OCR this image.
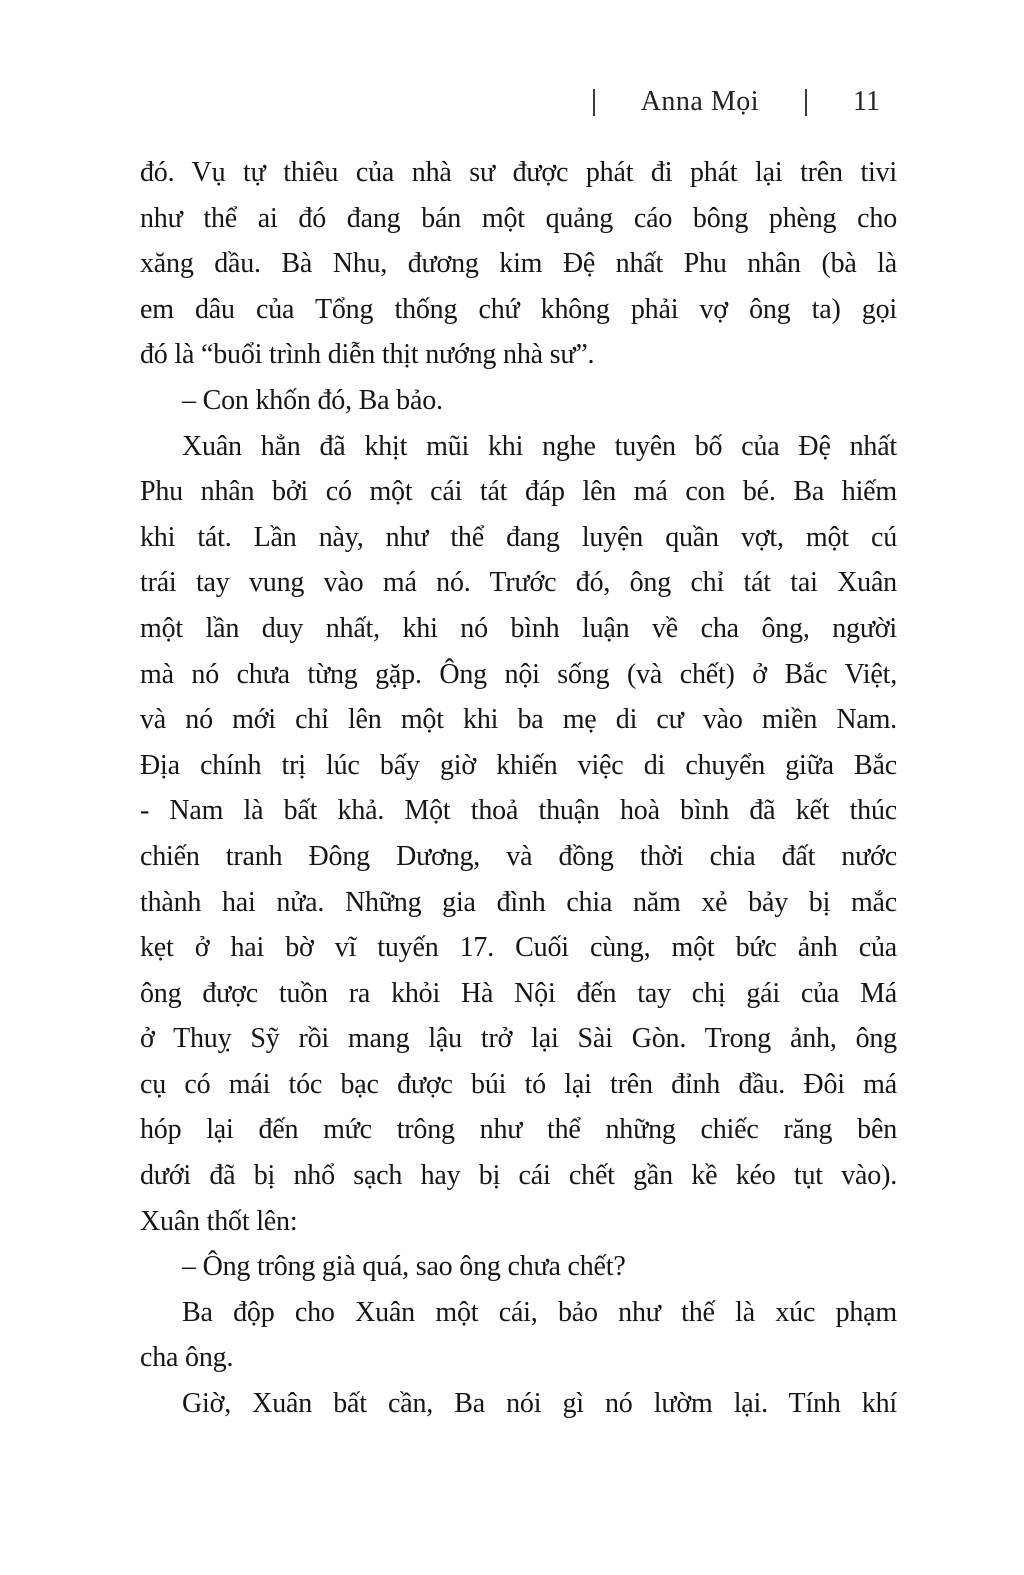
Anna Mọi	11
đó. Vụ tự thiêu của nhà sư được phát đi phát lại trên tivi
như thể ai đó đang bán một quảng cáo bông phèng cho
xăng dầu. Bà Nhu, đương kim Đệ nhất Phu nhân (bà là
em dâu của Tổng thống chứ không phải vợ ông ta) gọi
đó là “buổi trình diễn thịt nướng nhà sư”.
– Con khốn đó, Ba bảo.
Xuân hẳn đã khịt mũi khi nghe tuyên bố của Đệ nhất
Phu nhân bởi có một cái tát đáp lên má con bé. Ba hiếm
khi tát. Lần này, như thể đang luyện quần vợt, một cú
trái tay vung vào má nó. Trước đó, ông chỉ tát tai Xuân
một lần duy nhất, khi nó bình luận về cha ông, người
mà nó chưa từng gặp. Ông nội sống (và chết) ở Bắc Việt,
và nó mới chỉ lên một khi ba mẹ di cư vào miền Nam.
Địa chính trị lúc bấy giờ khiến việc di chuyển giữa Bắc
- Nam là bất khả. Một thoả thuận hoà bình đã kết thúc
chiến tranh Đông Dương, và đồng thời chia đất nước
thành hai nửa. Những gia đình chia năm xẻ bảy bị mắc
kẹt ở hai bờ vĩ tuyến 17. Cuối cùng, một bức ảnh của
ông được tuồn ra khỏi Hà Nội đến tay chị gái của Má
ở Thuỵ Sỹ rồi mang lậu trở lại Sài Gòn. Trong ảnh, ông
cụ có mái tóc bạc được búi tó lại trên đỉnh đầu. Đôi má
hóp lại đến mức trông như thể những chiếc răng bên
dưới đã bị nhổ sạch hay bị cái chết gần kề kéo tụt vào).
Xuân thốt lên:
– Ông trông già quá, sao ông chưa chết?
Ba độp cho Xuân một cái, bảo như thế là xúc phạm
cha ông.
Giờ, Xuân bất cần, Ba nói gì nó lườm lại. Tính khí
